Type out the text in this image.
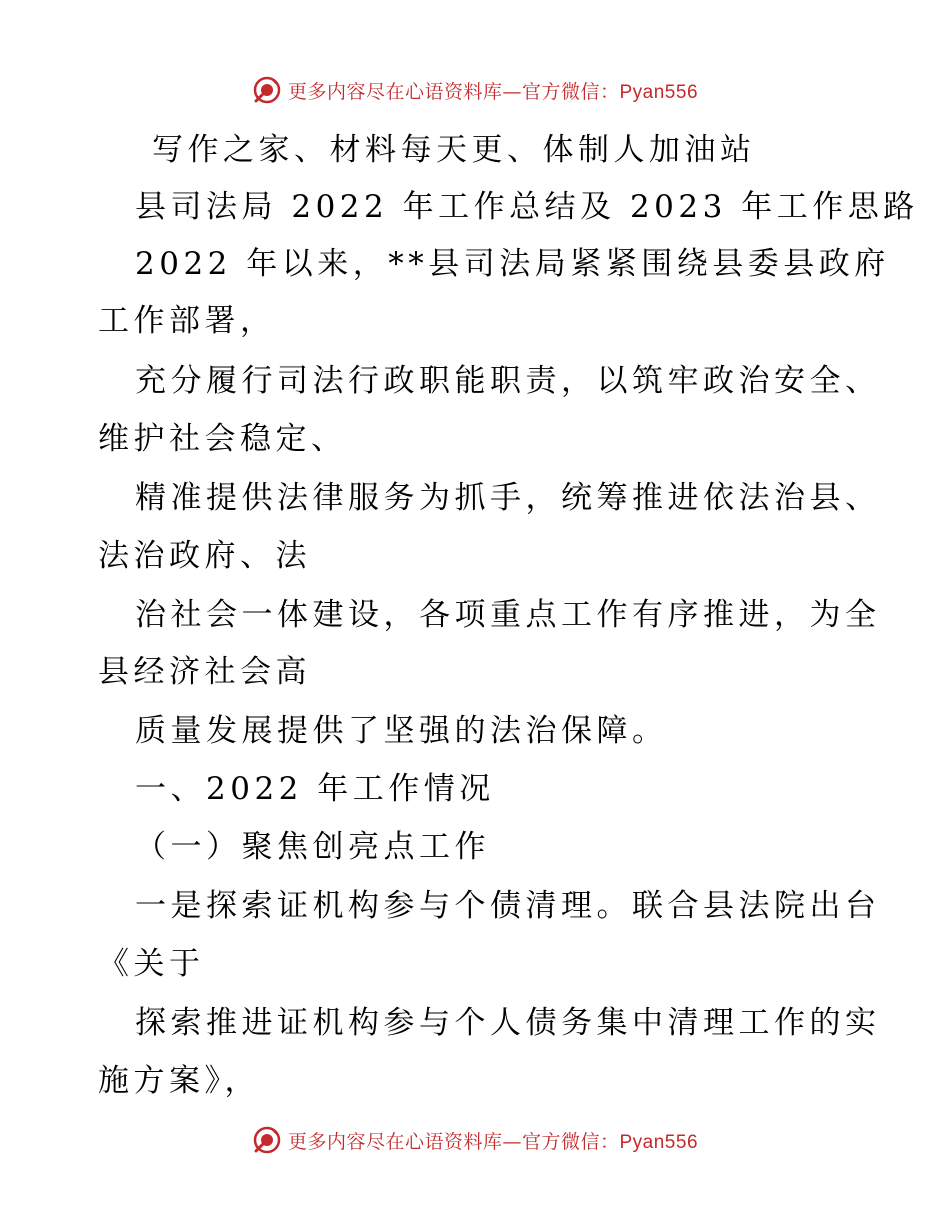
更多内容尽在心语资料库—官方微信：Pyan556
写作之家、材料每天更、体制人加油站
县司法局 2022 年工作总结及 2023 年工作思路
2022 年以来，**县司法局紧紧围绕县委县政府
工作部署，
充分履行司法行政职能职责，以筑牢政治安全、
维护社会稳定、
精准提供法律服务为抓手，统筹推进依法治县、
法治政府、法
治社会一体建设，各项重点工作有序推进，为全
县经济社会高
质量发展提供了坚强的法治保障。
一、2022 年工作情况
（一）聚焦创亮点工作
一是探索证机构参与个债清理。联合县法院出台
《关于
探索推进证机构参与个人债务集中清理工作的实
施方案》，
更多内容尽在心语资料库—官方微信：Pyan556
